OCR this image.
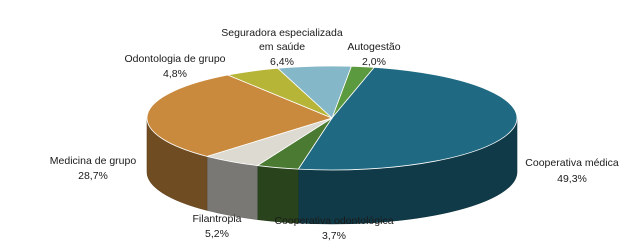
Seguradora especializada
em saúde
6,4%
Autogestão
2,0%
Odontologia de grupo
4,8%
Medicina de grupo
28,7%
Cooperativa médica
49,3%
Filantropia
5,2%
Cooperativa odontológica
3,7%
